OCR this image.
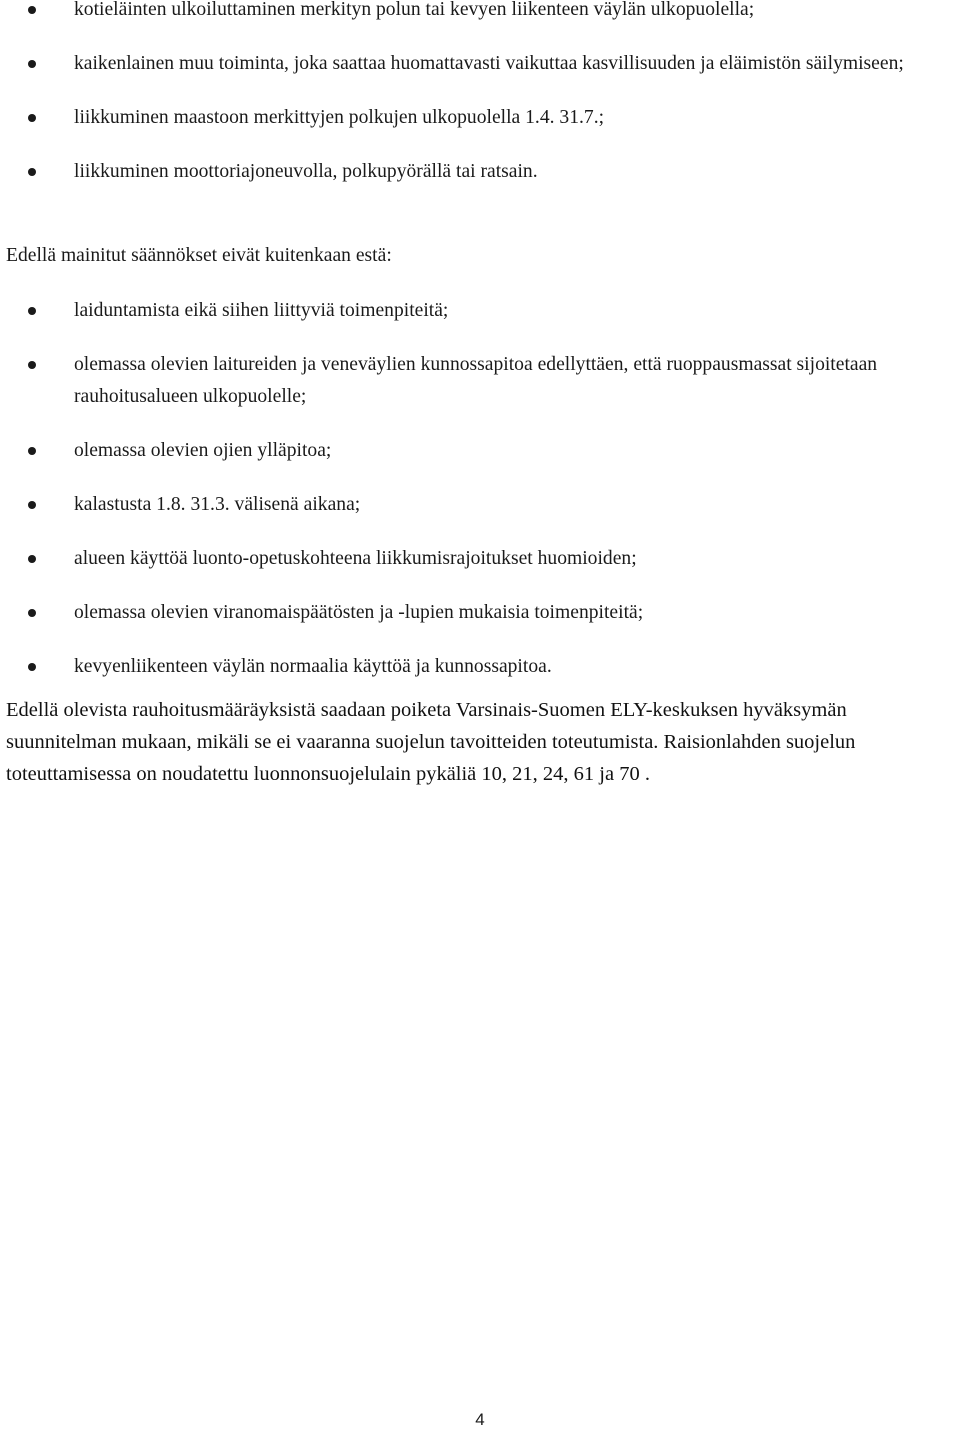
kotieläinten ulkoiluttaminen merkityn polun tai kevyen liikenteen väylän ulkopuolella;
kaikenlainen muu toiminta, joka saattaa huomattavasti vaikuttaa kasvillisuuden ja eläimistön säilymiseen;
liikkuminen maastoon merkittyjen polkujen ulkopuolella 1.4. 31.7.;
liikkuminen moottoriajoneuvolla, polkupyörällä tai ratsain.

Edellä mainitut säännökset eivät kuitenkaan estä:

laiduntamista eikä siihen liittyviä toimenpiteitä;
olemassa olevien laitureiden ja veneväylien kunnossapitoa edellyttäen, että ruoppausmassat sijoitetaan rauhoitusalueen ulkopuolelle;
olemassa olevien ojien ylläpitoa;
kalastusta 1.8. 31.3. välisenä aikana;
alueen käyttöä luonto-opetuskohteena liikkumisrajoitukset huomioiden;
olemassa olevien viranomaispäätösten ja -lupien mukaisia toimenpiteitä;
kevyenliikenteen väylän normaalia käyttöä ja kunnossapitoa.

Edellä olevista rauhoitusmääräyksistä saadaan poiketa Varsinais-Suomen ELY-keskuksen hyväksymän suunnitelman mukaan, mikäli se ei vaaranna suojelun tavoitteiden toteutumista. Raisionlahden suojelun toteuttamisessa on noudatettu luonnonsuojelulain pykäliä 10, 21, 24, 61 ja 70 .

4
